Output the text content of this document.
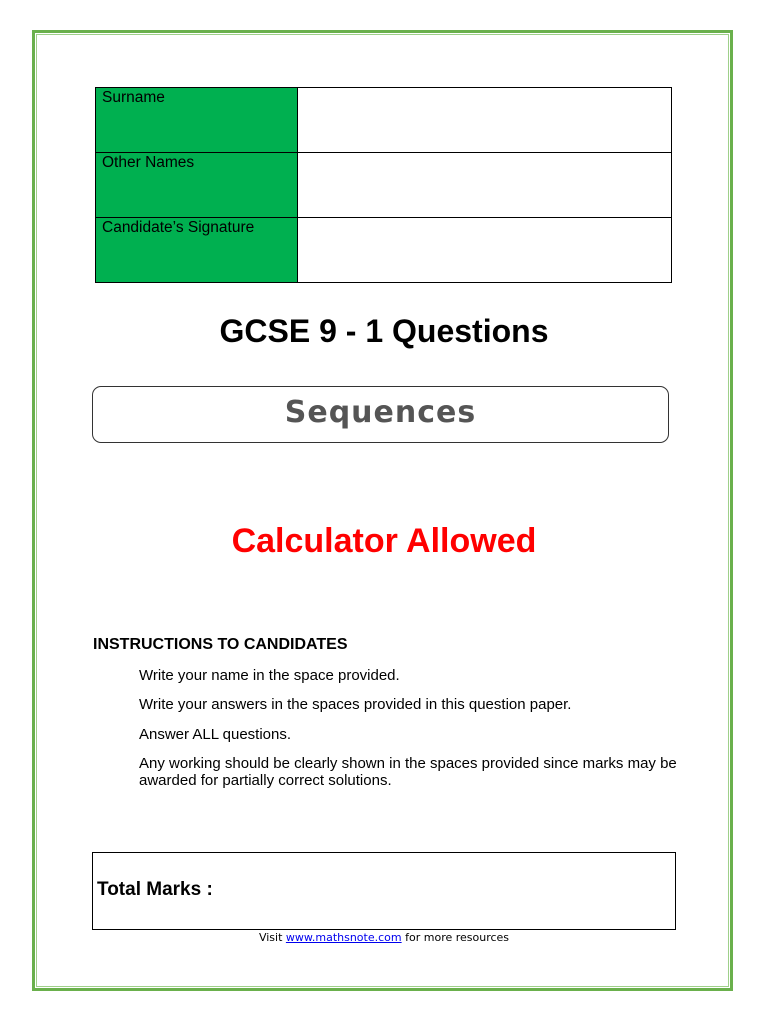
Surname	
Other Names	
Candidate’s Signature	
GCSE 9 - 1 Questions
Sequences
Calculator Allowed
INSTRUCTIONS TO CANDIDATES
Write your name in the space provided.
Write your answers in the spaces provided in this question paper.
Answer ALL questions.
Any working should be clearly shown in the spaces provided since marks may be awarded for partially correct solutions.
Total Marks :
Visit www.mathsnote.com for more resources
